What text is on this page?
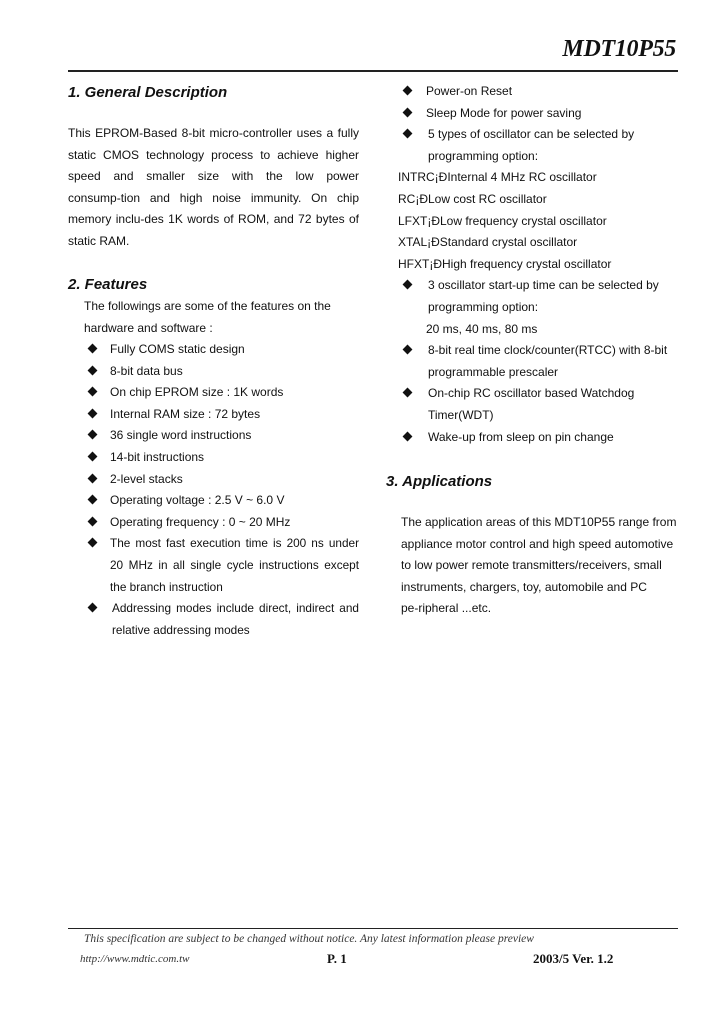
MDT10P55
1. General Description
This EPROM-Based 8-bit micro-controller uses a fully
static CMOS technology process to achieve higher
speed and smaller size with the low power
consump-tion and high noise immunity. On chip
memory inclu-des 1K words of ROM, and 72 bytes of
static RAM.
2. Features
The followings are some of the features on the
hardware and software :
Fully COMS static design
8-bit data bus
On chip EPROM size : 1K words
Internal RAM size : 72 bytes
36 single word instructions
14-bit instructions
2-level stacks
Operating voltage : 2.5 V ~ 6.0 V
Operating frequency : 0 ~ 20 MHz
The most fast execution time is 200 ns under 20 MHz in all single cycle instructions except the branch instruction
Addressing modes include direct, indirect and relative addressing modes
Power-on Reset
Sleep Mode for power saving
5 types of oscillator can be selected by programming option:
INTRC¡ÐInternal 4 MHz RC oscillator
RC¡ÐLow cost RC oscillator
LFXT¡ÐLow frequency crystal oscillator
XTAL¡ÐStandard crystal oscillator
HFXT¡ÐHigh frequency crystal oscillator
3 oscillator start-up time can be selected by programming option:
20 ms, 40 ms, 80 ms
8-bit real time clock/counter(RTCC) with 8-bit programmable prescaler
On-chip RC oscillator based Watchdog Timer(WDT)
Wake-up from sleep on pin change
3. Applications
The application areas of this MDT10P55 range from
appliance motor control and high speed automotive
to low power remote transmitters/receivers, small
instruments, chargers, toy, automobile and PC
pe-ripheral ...etc.
This specification are subject to be changed without notice. Any latest information please preview
http://www.mdtic.com.tw	P. 1	2003/5 Ver. 1.2
